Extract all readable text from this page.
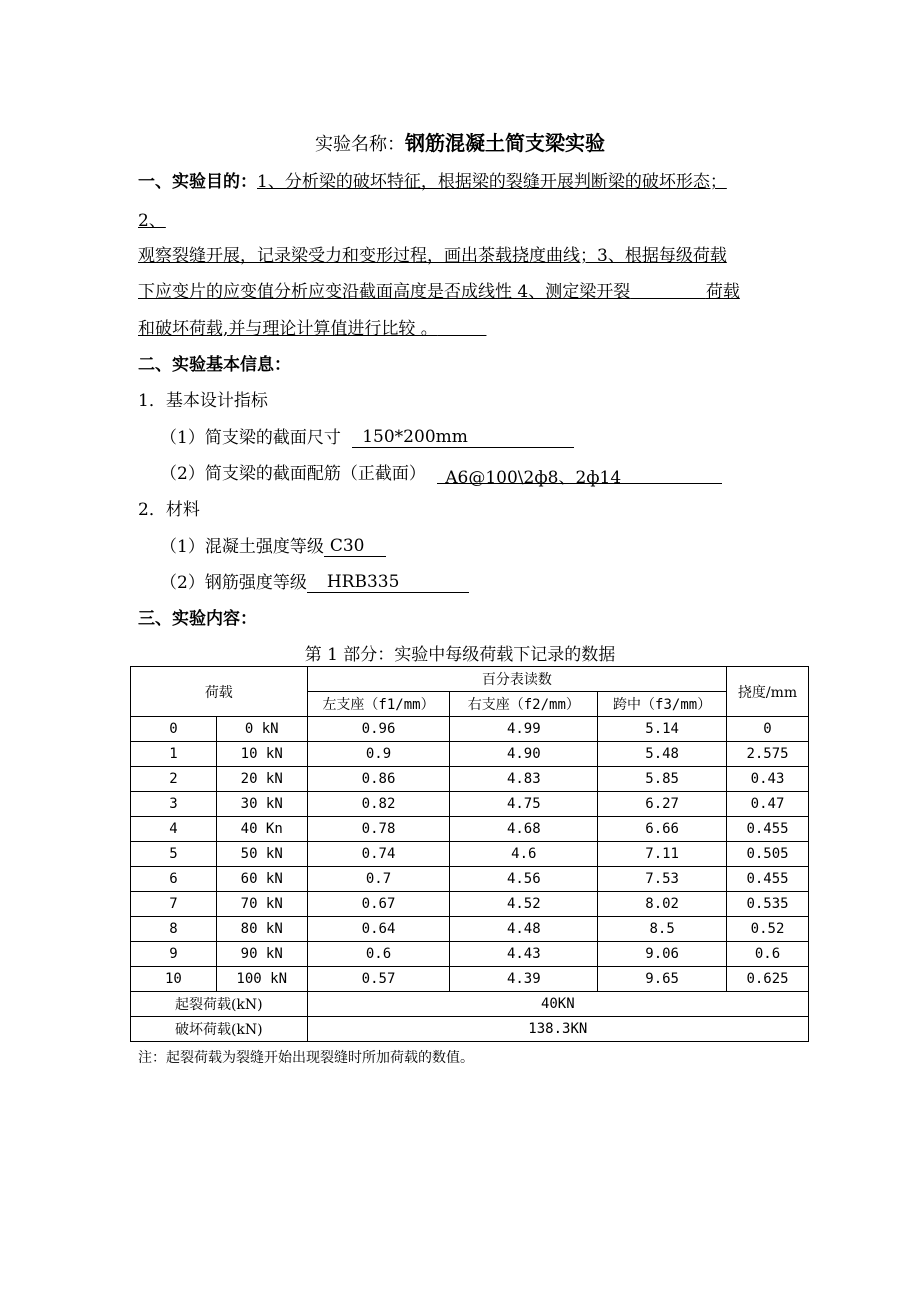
实验名称：钢筋混凝土简支梁实验
一、实验目的：1、分析梁的破坏特征，根据梁的裂缝开展判断梁的破坏形态；
2、
观察裂缝开展，记录梁受力和变形过程，画出茶载挠度曲线；3、根据每级荷载
下应变片的应变值分析应变沿截面高度是否成线性 4、测定梁开裂	荷载
和破坏荷载,并与理论计算值进行比较 。
二、实验基本信息：
1．基本设计指标
（1）简支梁的截面尺寸 150*200mm
（2）简支梁的截面配筋（正截面） A6@100\2ф8、2ф14
2．材料
（1）混凝土强度等级 C30
（2）钢筋强度等级 HRB335
三、实验内容：
第 1 部分：实验中每级荷载下记录的数据
荷载		百分表读数			挠度/mm
		左支座（f1/mm）	右支座（f2/mm）	跨中（f3/mm）	
0	0 kN	0.96	4.99	5.14	0
1	10 kN	0.9	4.90	5.48	2.575
2	20 kN	0.86	4.83	5.85	0.43
3	30 kN	0.82	4.75	6.27	0.47
4	40 Kn	0.78	4.68	6.66	0.455
5	50 kN	0.74	4.6	7.11	0.505
6	60 kN	0.7	4.56	7.53	0.455
7	70 kN	0.67	4.52	8.02	0.535
8	80 kN	0.64	4.48	8.5	0.52
9	90 kN	0.6	4.43	9.06	0.6
10	100 kN	0.57	4.39	9.65	0.625
起裂荷载(kN)		40KN			
破坏荷载(kN)		138.3KN			
注：起裂荷载为裂缝开始出现裂缝时所加荷载的数值。
